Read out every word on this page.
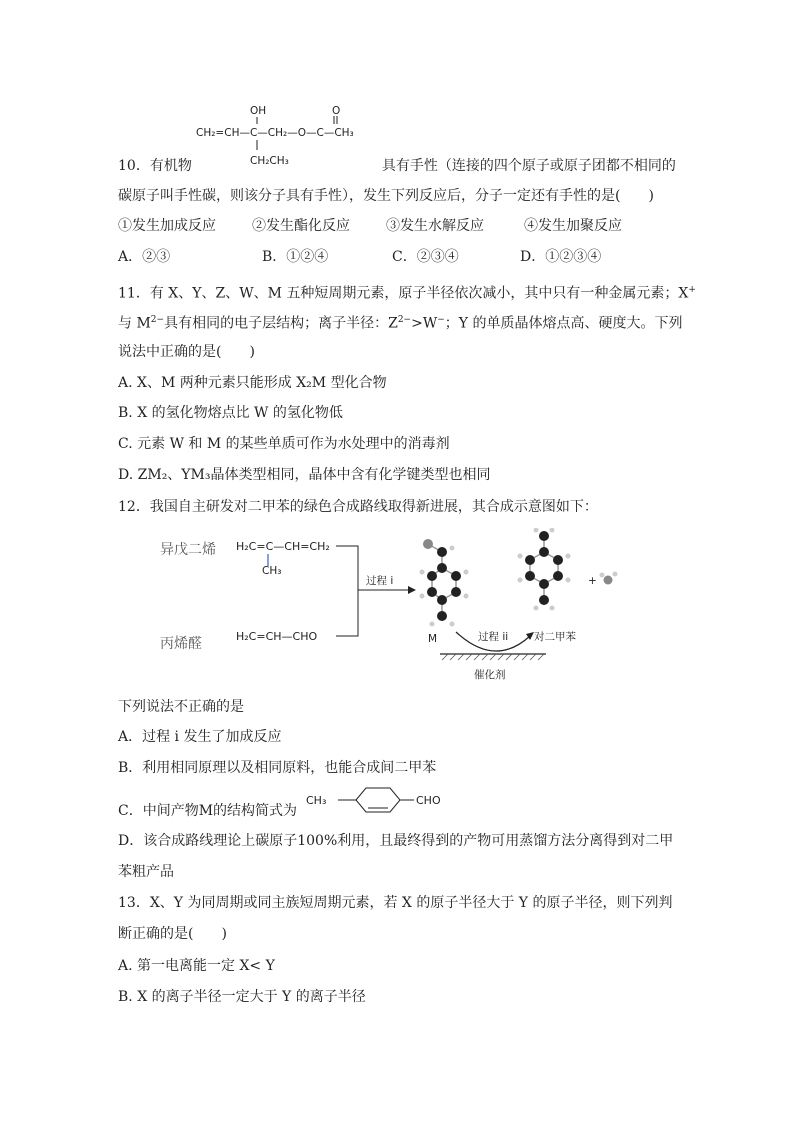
OH	O
CH₂=CH—C—CH₂—O—C—CH₃
CH₂CH₃
10．有机物	具有手性（连接的四个原子或原子团都不相同的
碳原子叫手性碳，则该分子具有手性），发生下列反应后，分子一定还有手性的是(　　)
①发生加成反应	②发生酯化反应	③发生水解反应	④发生加聚反应
A．②③	B．①②④	C．②③④	D．①②③④
11．有 X、Y、Z、W、M 五种短周期元素，原子半径依次减小，其中只有一种金属元素；X+
与 $M^{2-}$具有相同的电子层结构；离子半径：$Z^{2-}>W^-$；Y 的单质晶体熔点高、硬度大。下列
说法中正确的是(　　)
A. X、M 两种元素只能形成 X₂M 型化合物
B. X 的氢化物熔点比 W 的氢化物低
C. 元素 W 和 M 的某些单质可作为水处理中的消毒剂
D. ZM₂、YM₃晶体类型相同，晶体中含有化学键类型也相同
12．我国自主研发对二甲苯的绿色合成路线取得新进展，其合成示意图如下：
异戊二烯 H₂C=C—CH=CH₂
CH₃
丙烯醛	H₂C=CH—CHO
过程 i
M
+
过程 ii 对二甲苯
催化剂
下列说法不正确的是
A．过程 i 发生了加成反应
B．利用相同原理以及相同原料，也能合成间二甲苯
C．中间产物M的结构简式为
CH₃	CHO
D．该合成路线理论上碳原子100%利用，且最终得到的产物可用蒸馏方法分离得到对二甲
苯粗产品
13．X、Y 为同周期或同主族短周期元素，若 X 的原子半径大于 Y 的原子半径，则下列判
断正确的是(　　)
A. 第一电离能一定 X< Y
B. X 的离子半径一定大于 Y 的离子半径
